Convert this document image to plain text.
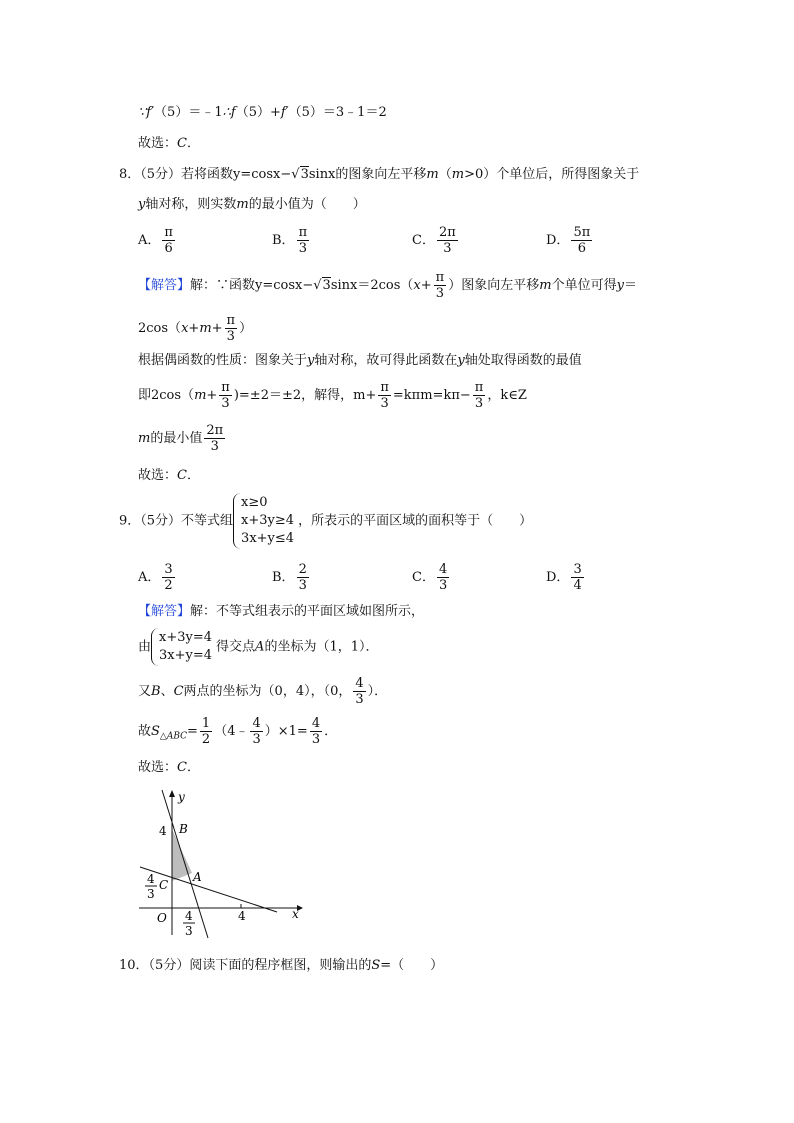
∵f′（5）＝﹣1∴f（5）+f′（5）＝3﹣1＝2
故选：C．
8．（5分）若将函数y=cosx−√3sinx的图象向左平移m（m>0）个单位后，所得图象关于
y轴对称，则实数m的最小值为（　　）
A． $\frac{\pi}{6}$	B． $\frac{\pi}{3}$	C． $\frac{2\pi}{3}$	D． $\frac{5\pi}{6}$
【解答】解：∵函数$y=\cos x-√3\sin x=2\cos(x+ \frac{\pi}{3}$ ）图象向左平移m个单位可得y＝
$2\cos(x+m+ \frac{\pi}{3}$ ）
根据偶函数的性质：图象关于y轴对称，故可得此函数在y轴处取得函数的最值
即$2\cos(m+ \frac{\pi}{3} )=\pm 2=\pm 2$，解得，$m+ \frac{\pi}{3} =k\pi m=k\pi- \frac{\pi}{3}$ ，k∈Z
m的最小值 $\frac{2\pi}{3}$
故选：C．
9．（5分）不等式组
x≥0
x+3y≥4
3x+y≤4
，所表示的平面区域的面积等于（　　）
A． $\frac{3}{2}$	B． $\frac{2}{3}$	C． $\frac{4}{3}$	D． $\frac{3}{4}$
【解答】解：不等式组表示的平面区域如图所示，
由
x+3y=4
3x+y=4
得交点A的坐标为（1，1）．
又B、C两点的坐标为（0，4），（0， $\frac{4}{3}$ ）．
故$S_{\triangle ABC}= \frac{1}{2}$ （4﹣ $\frac{4}{3} )\times 1= \frac{4}{3}$ ．
故选：C．
y
x
4 B
A
C
O	4
4
3
4
3
10．（5分）阅读下面的程序框图，则输出的S=（　　）
